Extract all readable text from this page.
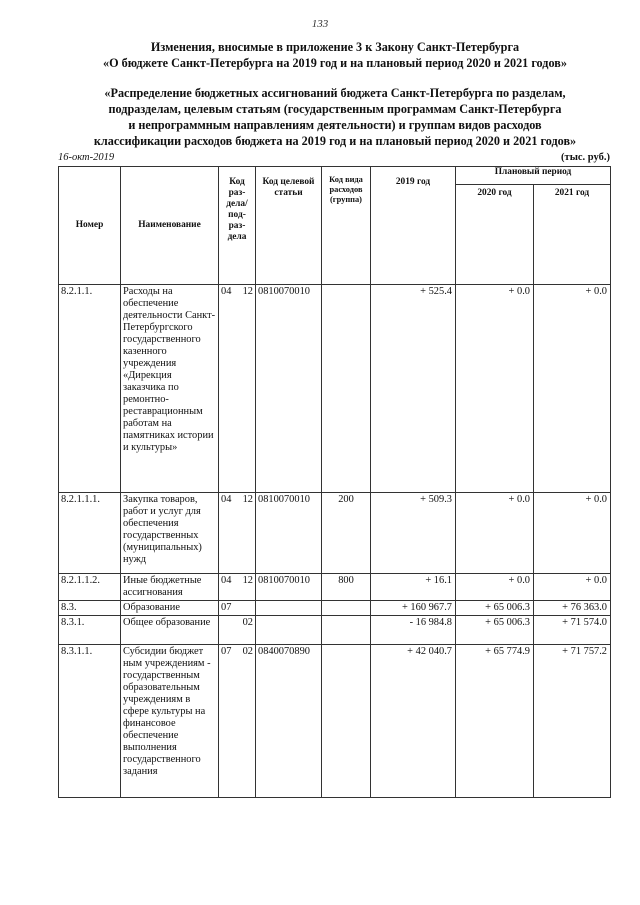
133
Изменения, вносимые в приложение 3 к Закону Санкт-Петербурга
«О бюджете Санкт-Петербурга на 2019 год и на плановый период 2020 и 2021 годов»
«Распределение бюджетных ассигнований бюджета Санкт-Петербурга по разделам,
подразделам, целевым статьям (государственным программам Санкт-Петербурга
и непрограммным направлениям деятельности) и группам видов расходов
классификации расходов бюджета на 2019 год и на плановый период 2020 и 2021 годов»
16-окт-2019	(тыс. руб.)
Номер	Наименование	Код раз- дела/ под- раз- дела	Код целевой статьи	Код вида расходов (группа)	2019 год	Плановый период	

						2020 год	2021 год

8.2.1.1.	Расходы на обеспечение деятельности Санкт-Петербургского государственного казенного учреждения «Дирекция заказчика по ремонтно-реставрационным работам на памятниках истории и культуры»	04 12	0810070010		+ 525.4	+ 0.0	+ 0.0
8.2.1.1.1.	Закупка товаров, работ и услуг для обеспечения государственных (муниципальных) нужд	04 12	0810070010	200	+ 509.3	+ 0.0	+ 0.0
8.2.1.1.2.	Иные бюджетные ассигнования	04 12	0810070010	800	+ 16.1	+ 0.0	+ 0.0
8.3.	Образование	07			+ 160 967.7	+ 65 006.3	+ 76 363.0
8.3.1.	Общее образование	02			- 16 984.8	+ 65 006.3	+ 71 574.0
8.3.1.1.	Субсидии бюджет ным учреждениям - государственным образовательным учреждениям в сфере культуры на финансовое обеспечение выполнения государственного задания	07 02	0840070890		+ 42 040.7	+ 65 774.9	+ 71 757.2
